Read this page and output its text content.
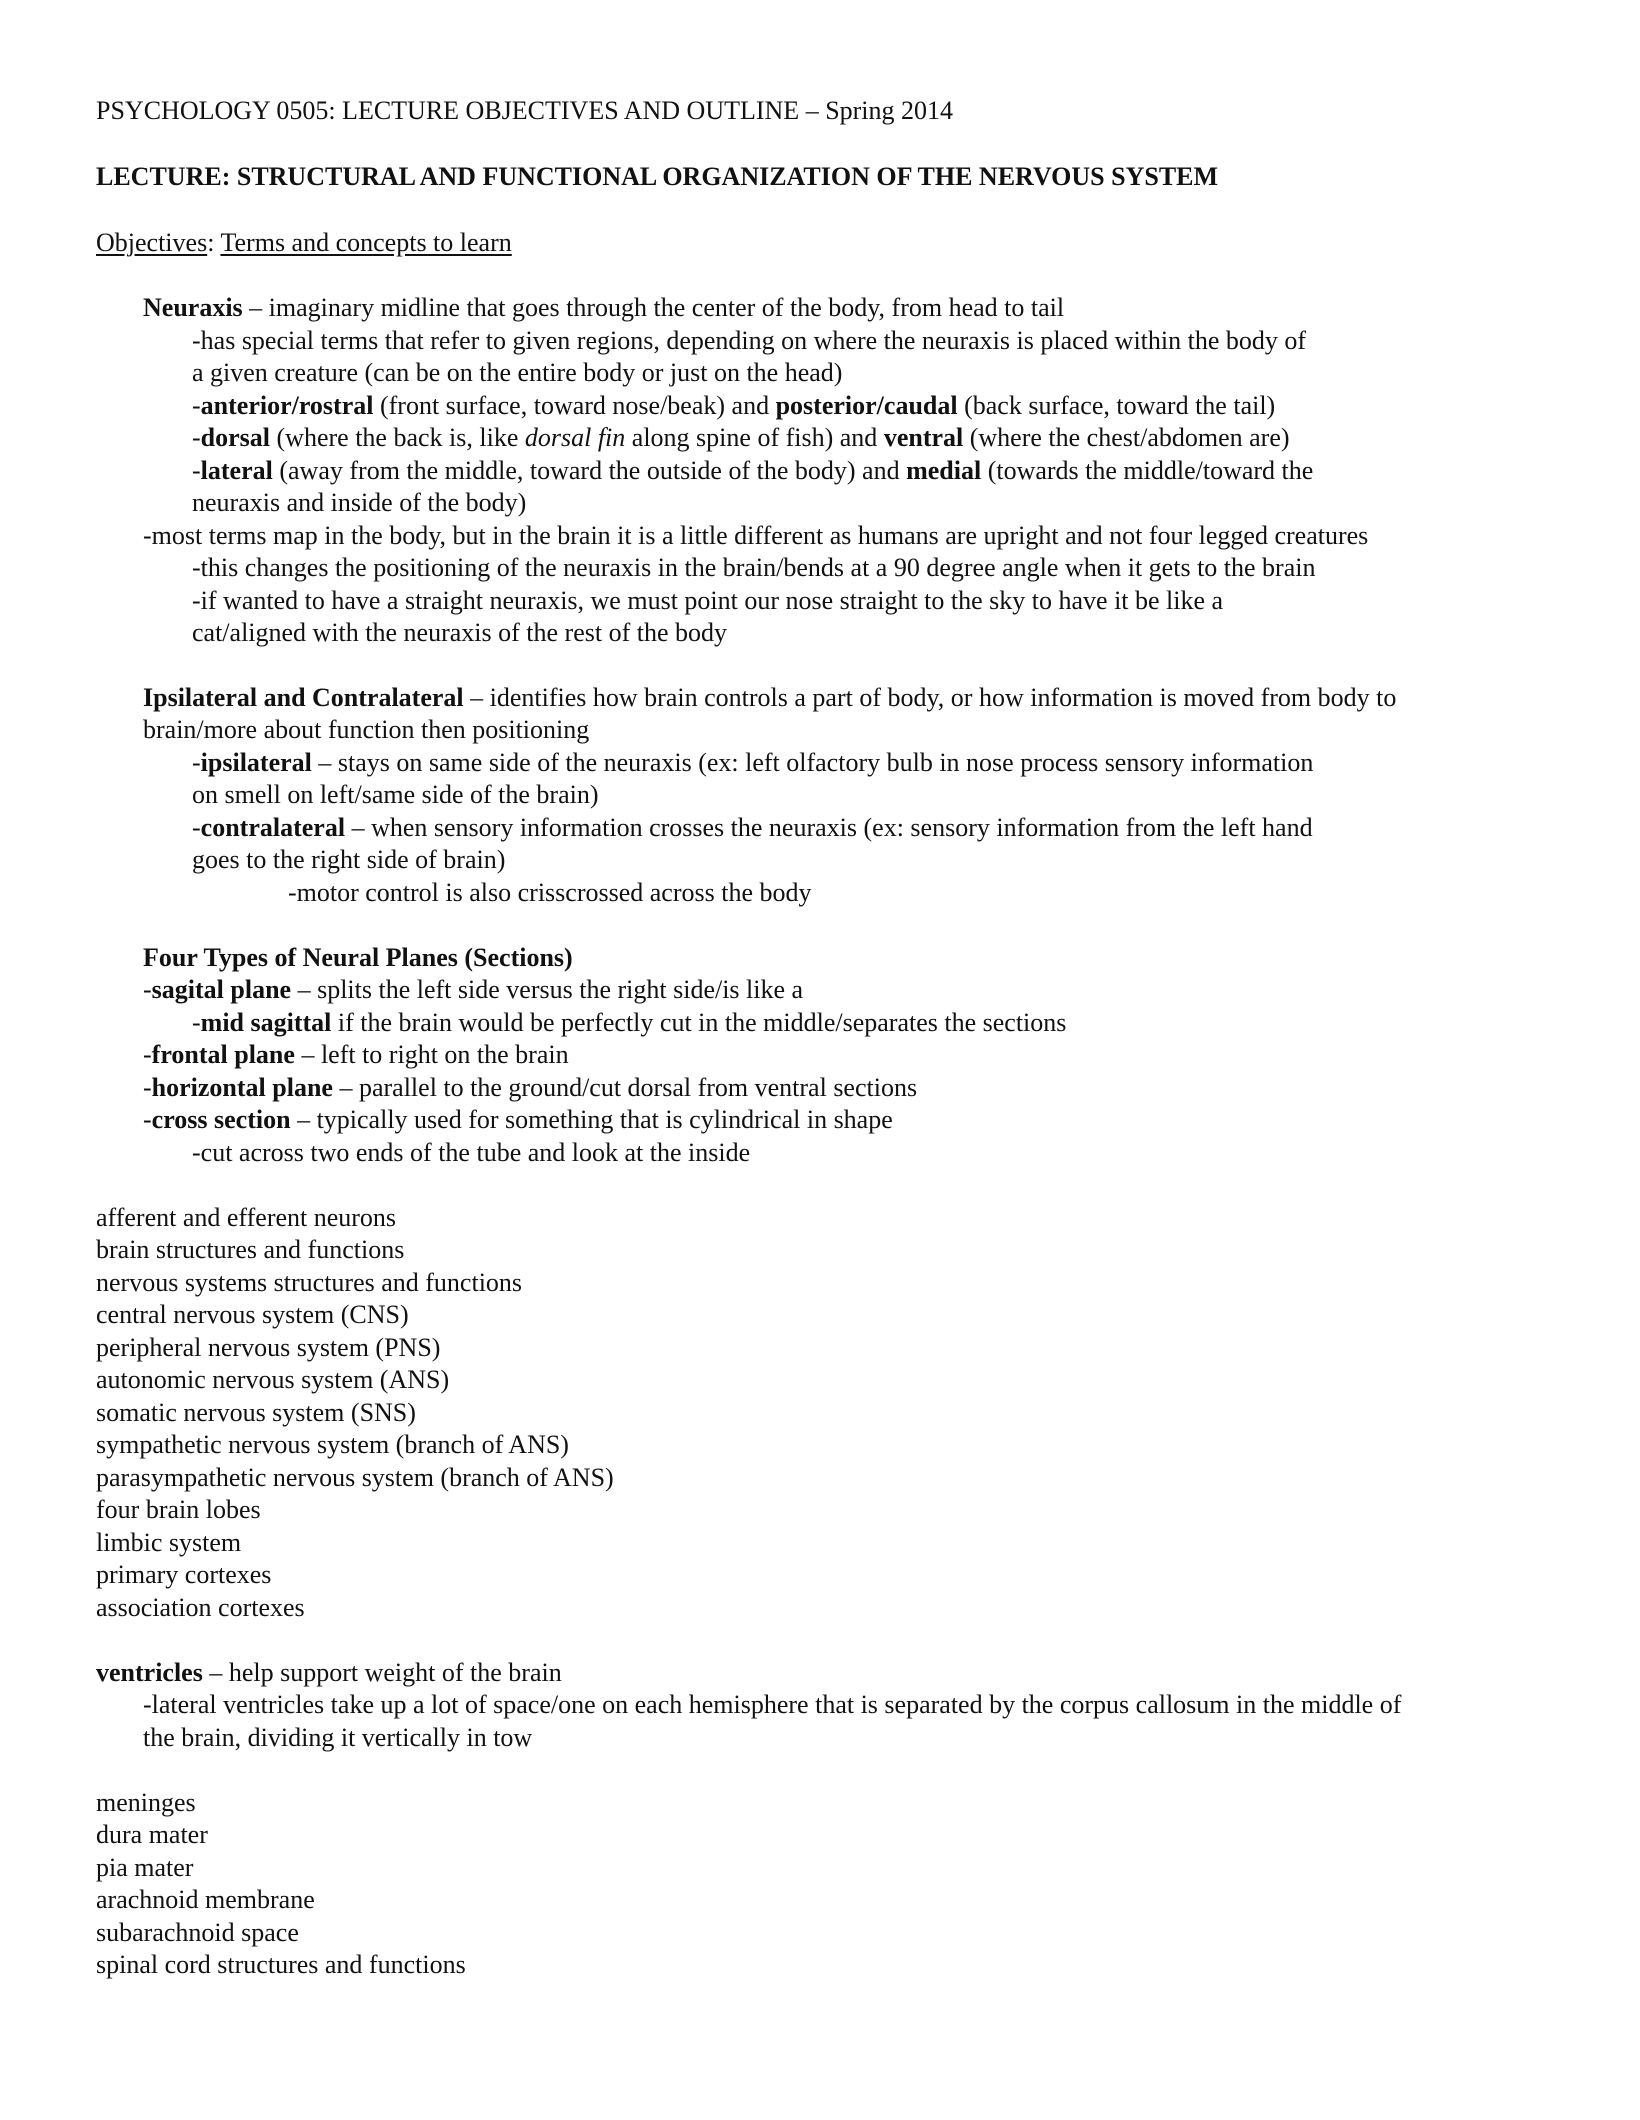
PSYCHOLOGY 0505: LECTURE OBJECTIVES AND OUTLINE – Spring 2014
LECTURE: STRUCTURAL AND FUNCTIONAL ORGANIZATION OF THE NERVOUS SYSTEM
Objectives: Terms and concepts to learn
Neuraxis – imaginary midline that goes through the center of the body, from head to tail
-has special terms that refer to given regions, depending on where the neuraxis is placed within the body of
a given creature (can be on the entire body or just on the head)
-anterior/rostral (front surface, toward nose/beak) and posterior/caudal (back surface, toward the tail)
-dorsal (where the back is, like dorsal fin along spine of fish) and ventral (where the chest/abdomen are)
-lateral (away from the middle, toward the outside of the body) and medial (towards the middle/toward the
neuraxis and inside of the body)
-most terms map in the body, but in the brain it is a little different as humans are upright and not four legged creatures
-this changes the positioning of the neuraxis in the brain/bends at a 90 degree angle when it gets to the brain
-if wanted to have a straight neuraxis, we must point our nose straight to the sky to have it be like a
cat/aligned with the neuraxis of the rest of the body
Ipsilateral and Contralateral – identifies how brain controls a part of body, or how information is moved from body to
brain/more about function then positioning
-ipsilateral – stays on same side of the neuraxis (ex: left olfactory bulb in nose process sensory information
on smell on left/same side of the brain)
-contralateral – when sensory information crosses the neuraxis (ex: sensory information from the left hand
goes to the right side of brain)
-motor control is also crisscrossed across the body
Four Types of Neural Planes (Sections)
-sagital plane – splits the left side versus the right side/is like a
-mid sagittal if the brain would be perfectly cut in the middle/separates the sections
-frontal plane – left to right on the brain
-horizontal plane – parallel to the ground/cut dorsal from ventral sections
-cross section – typically used for something that is cylindrical in shape
-cut across two ends of the tube and look at the inside
afferent and efferent neurons
brain structures and functions
nervous systems structures and functions
central nervous system (CNS)
peripheral nervous system (PNS)
autonomic nervous system (ANS)
somatic nervous system (SNS)
sympathetic nervous system (branch of ANS)
parasympathetic nervous system (branch of ANS)
four brain lobes
limbic system
primary cortexes
association cortexes
ventricles – help support weight of the brain
-lateral ventricles take up a lot of space/one on each hemisphere that is separated by the corpus callosum in the middle of
the brain, dividing it vertically in tow
meninges
dura mater
pia mater
arachnoid membrane
subarachnoid space
spinal cord structures and functions
